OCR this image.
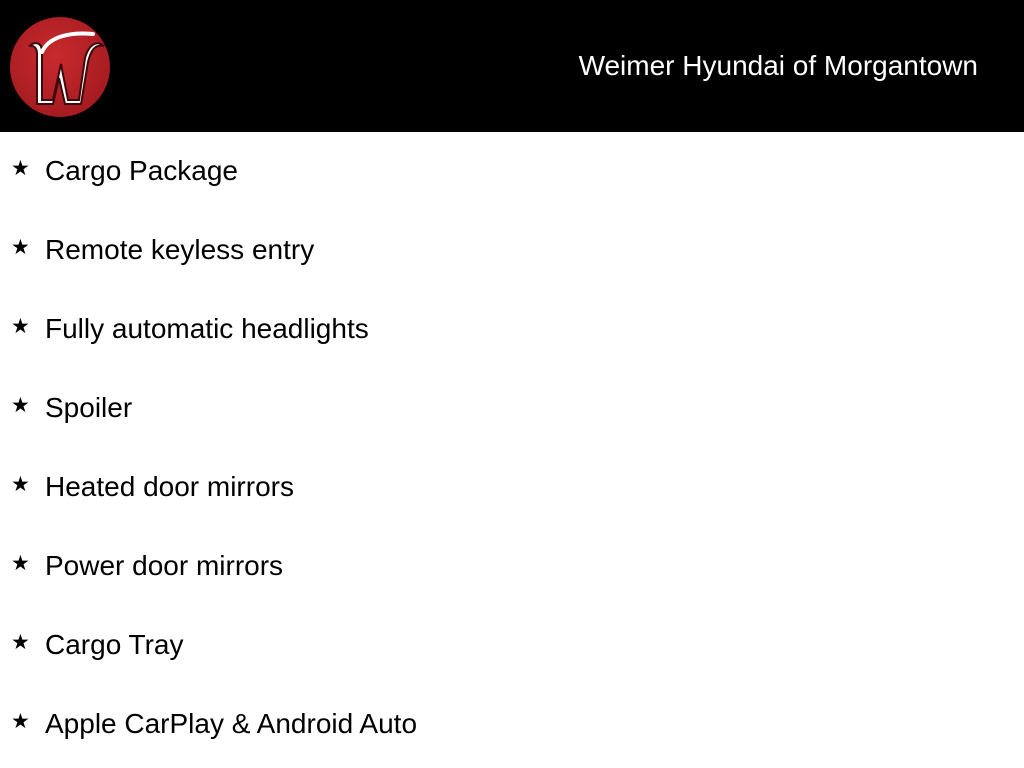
Weimer Hyundai of Morgantown
★ Cargo Package
★ Remote keyless entry
★ Fully automatic headlights
★ Spoiler
★ Heated door mirrors
★ Power door mirrors
★ Cargo Tray
★ Apple CarPlay & Android Auto
